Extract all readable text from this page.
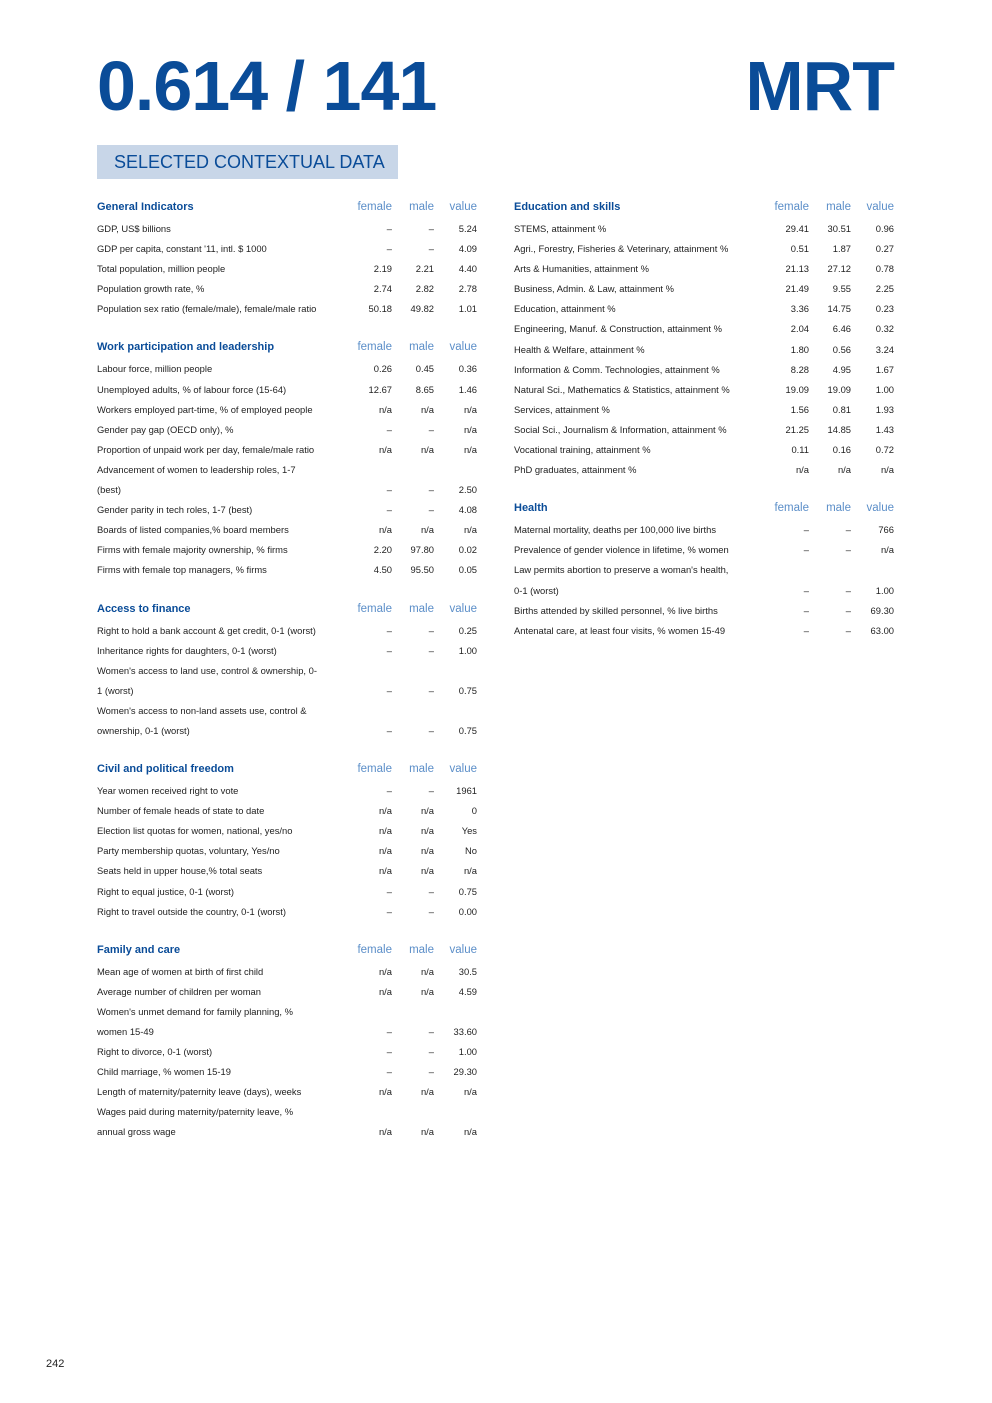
0.614 / 141	MRT
SELECTED CONTEXTUAL DATA
General Indicators	female	male	value
GDP, US$ billions	–	–	5.24
GDP per capita, constant '11, intl. $ 1000	–	–	4.09
Total population, million people	2.19	2.21	4.40
Population growth rate, %	2.74	2.82	2.78
Population sex ratio (female/male), female/male ratio	50.18	49.82	1.01
Work participation and leadership	female	male	value
Labour force, million people	0.26	0.45	0.36
Unemployed adults, % of labour force (15-64)	12.67	8.65	1.46
Workers employed part-time, % of employed people	n/a	n/a	n/a
Gender pay gap (OECD only), %	–	–	n/a
Proportion of unpaid work per day, female/male ratio	n/a	n/a	n/a
Advancement of women to leadership roles, 1-7
(best)	–	–	2.50
Gender parity in tech roles, 1-7 (best)	–	–	4.08
Boards of listed companies,% board members	n/a	n/a	n/a
Firms with female majority ownership, % firms	2.20	97.80	0.02
Firms with female top managers, % firms	4.50	95.50	0.05
Access to finance	female	male	value
Right to hold a bank account & get credit, 0-1 (worst)	–	–	0.25
Inheritance rights for daughters, 0-1 (worst)	–	–	1.00
Women's access to land use, control & ownership, 0-
1 (worst)	–	–	0.75
Women's access to non-land assets use, control &
ownership, 0-1 (worst)	–	–	0.75
Civil and political freedom	female	male	value
Year women received right to vote	–	–	1961
Number of female heads of state to date	n/a	n/a	0
Election list quotas for women, national, yes/no	n/a	n/a	Yes
Party membership quotas, voluntary, Yes/no	n/a	n/a	No
Seats held in upper house,% total seats	n/a	n/a	n/a
Right to equal justice, 0-1 (worst)	–	–	0.75
Right to travel outside the country, 0-1 (worst)	–	–	0.00
Family and care	female	male	value
Mean age of women at birth of first child	n/a	n/a	30.5
Average number of children per woman	n/a	n/a	4.59
Women's unmet demand for family planning, %
women 15-49	–	–	33.60
Right to divorce, 0-1 (worst)	–	–	1.00
Child marriage, % women 15-19	–	–	29.30
Length of maternity/paternity leave (days), weeks	n/a	n/a	n/a
Wages paid during maternity/paternity leave, %
annual gross wage	n/a	n/a	n/a
Education and skills	female	male	value
STEMS, attainment %	29.41	30.51	0.96
Agri., Forestry, Fisheries & Veterinary, attainment %	0.51	1.87	0.27
Arts & Humanities, attainment %	21.13	27.12	0.78
Business, Admin. & Law, attainment %	21.49	9.55	2.25
Education, attainment %	3.36	14.75	0.23
Engineering, Manuf. & Construction, attainment %	2.04	6.46	0.32
Health & Welfare, attainment %	1.80	0.56	3.24
Information & Comm. Technologies, attainment %	8.28	4.95	1.67
Natural Sci., Mathematics & Statistics, attainment %	19.09	19.09	1.00
Services, attainment %	1.56	0.81	1.93
Social Sci., Journalism & Information, attainment %	21.25	14.85	1.43
Vocational training, attainment %	0.11	0.16	0.72
PhD graduates, attainment %	n/a	n/a	n/a
Health	female	male	value
Maternal mortality, deaths per 100,000 live births	–	–	766
Prevalence of gender violence in lifetime, % women	–	–	n/a
Law permits abortion to preserve a woman's health,
0-1 (worst)	–	–	1.00
Births attended by skilled personnel, % live births	–	–	69.30
Antenatal care, at least four visits, % women 15-49	–	–	63.00
242
